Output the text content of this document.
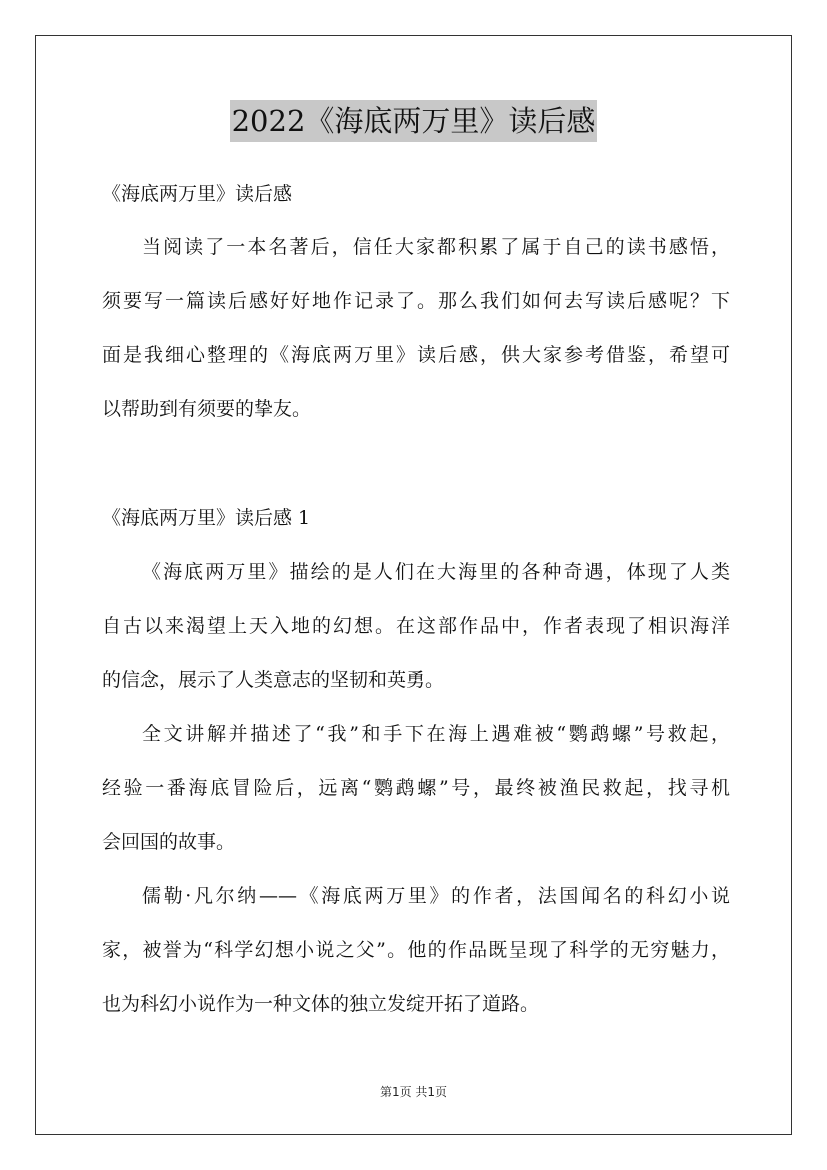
2022《海底两万里》读后感
《海底两万里》读后感
当阅读了一本名著后，信任大家都积累了属于自己的读书感悟，
须要写一篇读后感好好地作记录了。那么我们如何去写读后感呢？下
面是我细心整理的《海底两万里》读后感，供大家参考借鉴，希望可
以帮助到有须要的挚友。
《海底两万里》读后感 1
《海底两万里》描绘的是人们在大海里的各种奇遇，体现了人类
自古以来渴望上天入地的幻想。在这部作品中，作者表现了相识海洋
的信念，展示了人类意志的坚韧和英勇。
全文讲解并描述了“我”和手下在海上遇难被“鹦鹉螺”号救起，
经验一番海底冒险后，远离“鹦鹉螺”号，最终被渔民救起，找寻机
会回国的故事。
儒勒·凡尔纳——《海底两万里》的作者，法国闻名的科幻小说
家，被誉为“科学幻想小说之父”。他的作品既呈现了科学的无穷魅力，
也为科幻小说作为一种文体的独立发绽开拓了道路。
第1页 共1页
